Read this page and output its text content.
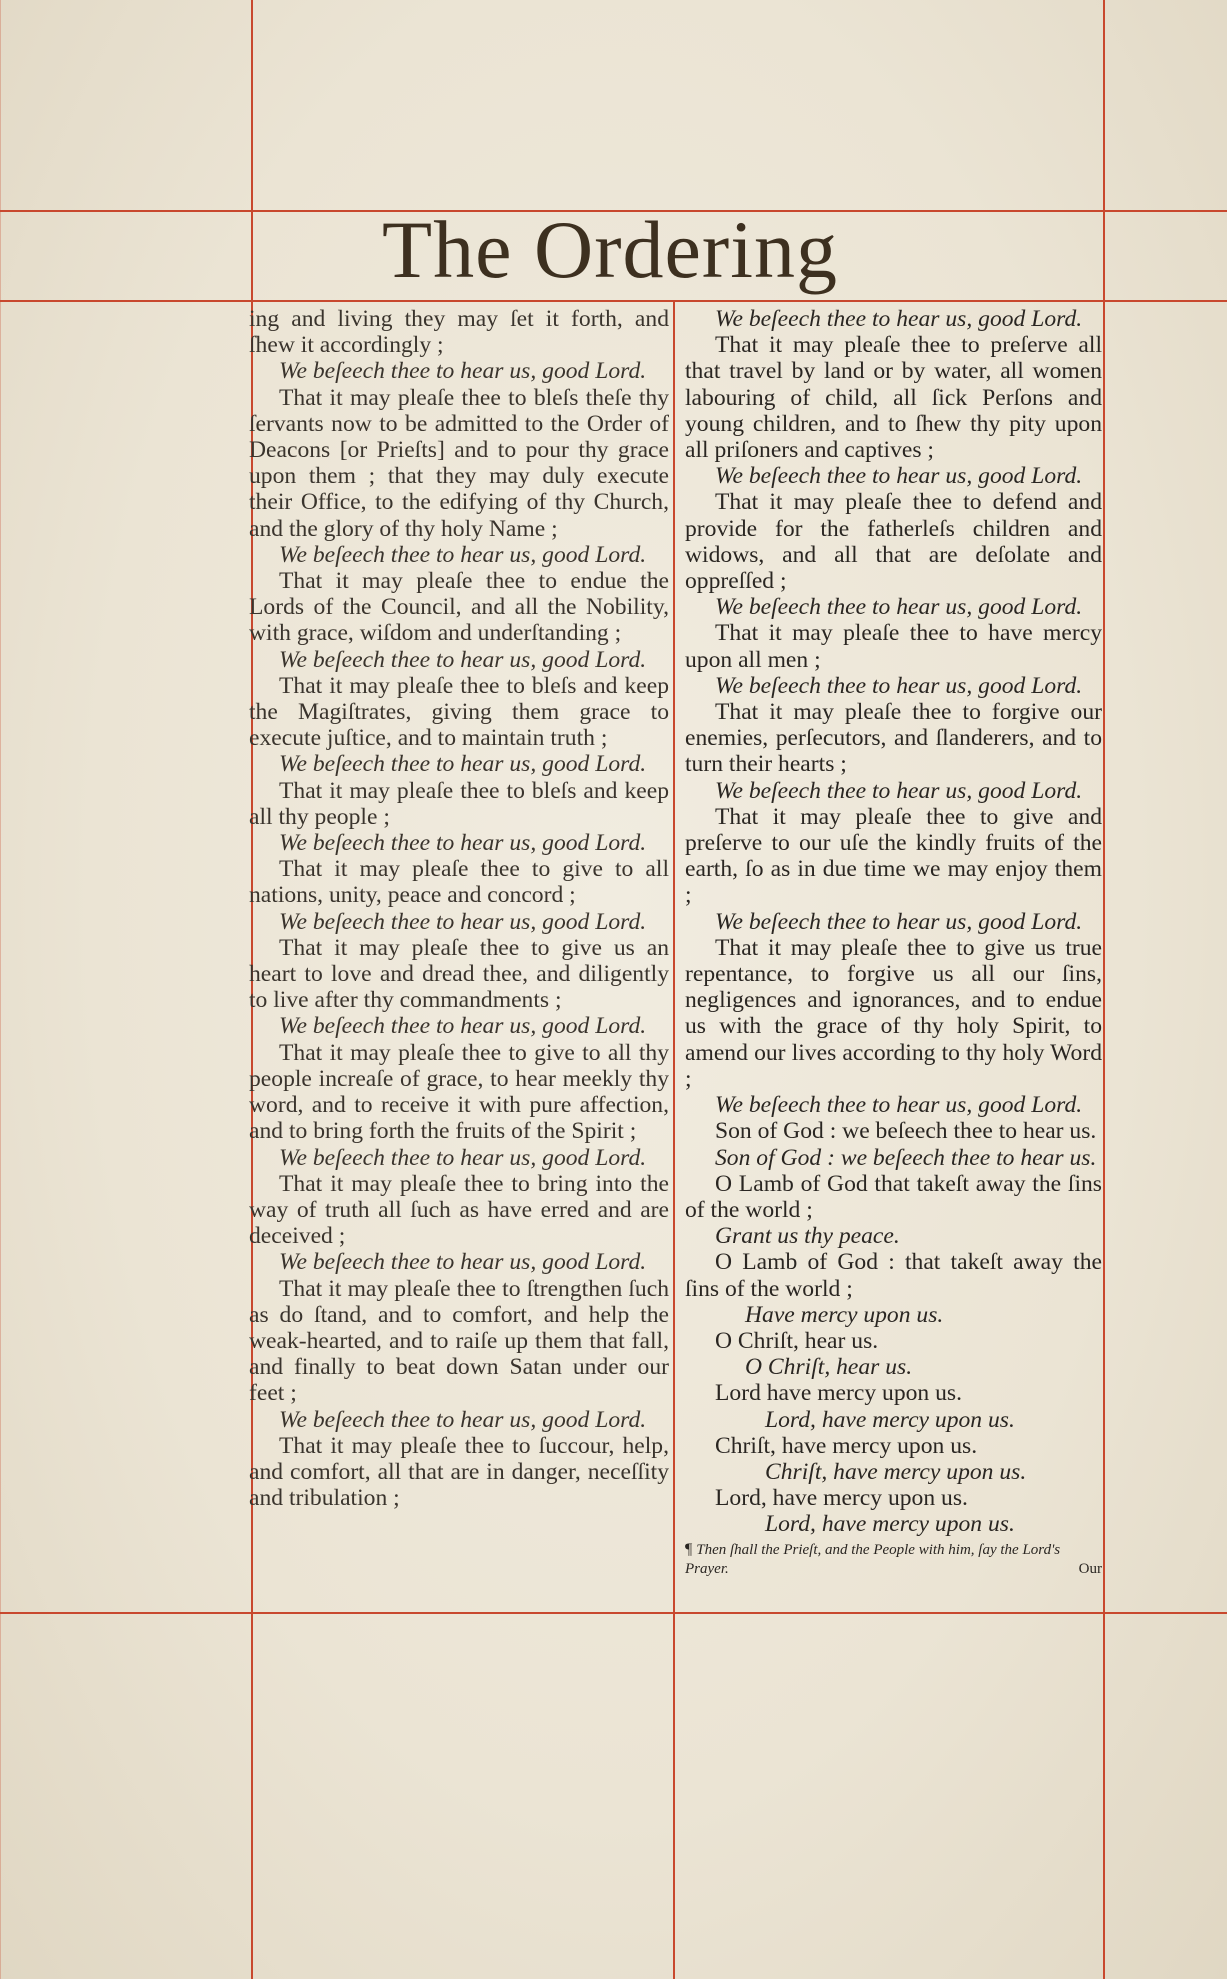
The Ordering

ing and living they may ſet it forth, and ſhew it accordingly ;

We beſeech thee to hear us, good Lord.

That it may pleaſe thee to bleſs theſe thy ſervants now to be admitted to the Order of Deacons [or Prieſts] and to pour thy grace upon them ; that they may duly execute their Office, to the edifying of thy Church, and the glory of thy holy Name ;

We beſeech thee to hear us, good Lord.

That it may pleaſe thee to endue the Lords of the Council, and all the Nobility, with grace, wiſdom and underſtanding ;

We beſeech thee to hear us, good Lord.

That it may pleaſe thee to bleſs and keep the Magiſtrates, giving them grace to execute juſtice, and to maintain truth ;

We beſeech thee to hear us, good Lord.

That it may pleaſe thee to bleſs and keep all thy people ;

We beſeech thee to hear us, good Lord.

That it may pleaſe thee to give to all nations, unity, peace and concord ;

We beſeech thee to hear us, good Lord.

That it may pleaſe thee to give us an heart to love and dread thee, and diligently to live after thy commandments ;

We beſeech thee to hear us, good Lord.

That it may pleaſe thee to give to all thy people increaſe of grace, to hear meekly thy word, and to receive it with pure affection, and to bring forth the fruits of the Spirit ;

We beſeech thee to hear us, good Lord.

That it may pleaſe thee to bring into the way of truth all ſuch as have erred and are deceived ;

We beſeech thee to hear us, good Lord.

That it may pleaſe thee to ſtrengthen ſuch as do ſtand, and to comfort, and help the weak-hearted, and to raiſe up them that fall, and finally to beat down Satan under our feet ;

We beſeech thee to hear us, good Lord.

That it may pleaſe thee to ſuccour, help, and comfort, all that are in danger, neceſſity and tribulation ;

We beſeech thee to hear us, good Lord.

That it may pleaſe thee to preſerve all that travel by land or by water, all women labouring of child, all ſick Perſons and young children, and to ſhew thy pity upon all priſoners and captives ;

We beſeech thee to hear us, good Lord.

That it may pleaſe thee to defend and provide for the fatherleſs children and widows, and all that are deſolate and oppreſſed ;

We beſeech thee to hear us, good Lord.

That it may pleaſe thee to have mercy upon all men ;

We beſeech thee to hear us, good Lord.

That it may pleaſe thee to forgive our enemies, perſecutors, and ſlanderers, and to turn their hearts ;

We beſeech thee to hear us, good Lord.

That it may pleaſe thee to give and preſerve to our uſe the kindly fruits of the earth, ſo as in due time we may enjoy them ;

We beſeech thee to hear us, good Lord.

That it may pleaſe thee to give us true repentance, to forgive us all our ſins, negligences and ignorances, and to endue us with the grace of thy holy Spirit, to amend our lives according to thy holy Word ;

We beſeech thee to hear us, good Lord.

Son of God : we beſeech thee to hear us.

Son of God : we beſeech thee to hear us.

O Lamb of God that takeſt away the ſins of the world ;

Grant us thy peace.

O Lamb of God : that takeſt away the ſins of the world ;

Have mercy upon us.

O Chriſt, hear us.

O Chriſt, hear us.

Lord have mercy upon us.

Lord, have mercy upon us.

Chriſt, have mercy upon us.

Chriſt, have mercy upon us.

Lord, have mercy upon us.

Lord, have mercy upon us.

¶ Then ſhall the Prieſt, and the People with him, ſay the Lord's Prayer.	Our
